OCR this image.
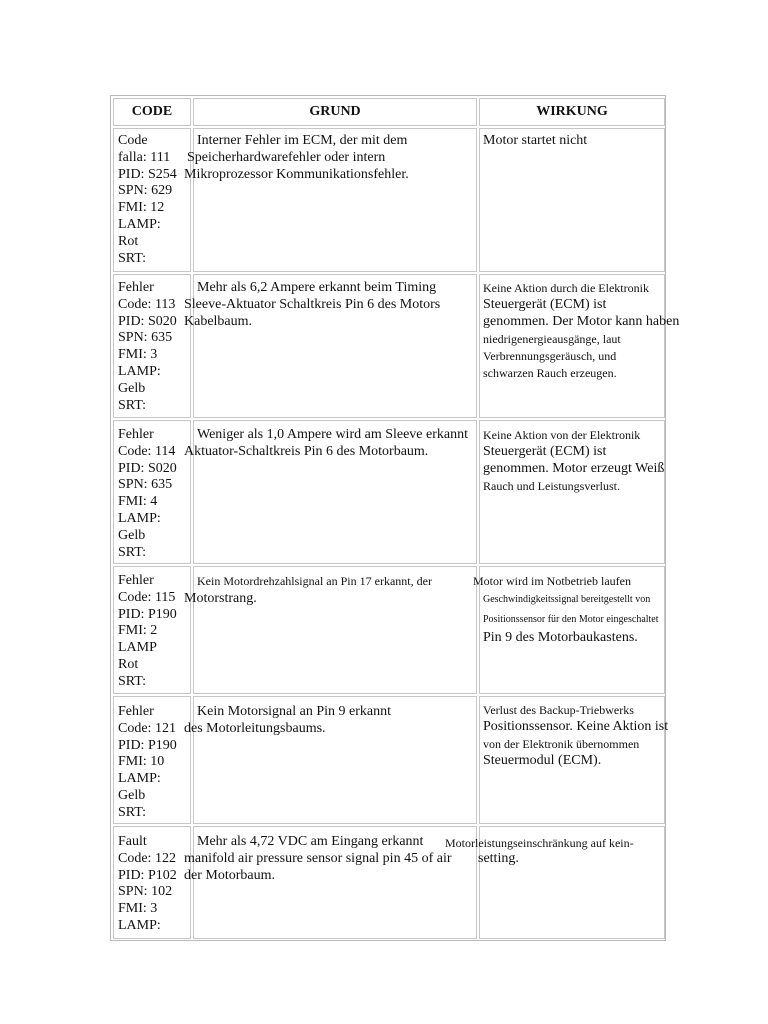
CODE	GRUND	WIRKUNG
Code
falla: 111
PID: S254
SPN: 629
FMI: 12
LAMP:
Rot
SRT:
Interner Fehler im ECM, der mit dem
Speicherhardwarefehler oder intern
Mikroprozessor Kommunikationsfehler.
Motor startet nicht
Fehler
Code: 113
PID: S020
SPN: 635
FMI: 3
LAMP:
Gelb
SRT:
Mehr als 6,2 Ampere erkannt beim Timing
Sleeve-Aktuator Schaltkreis Pin 6 des Motors
Kabelbaum.
Keine Aktion durch die Elektronik
Steuergerät (ECM) ist
genommen. Der Motor kann haben
niedrigenergieausgänge, laut
Verbrennungsgeräusch, und
schwarzen Rauch erzeugen.
Fehler
Code: 114
PID: S020
SPN: 635
FMI: 4
LAMP:
Gelb
SRT:
Weniger als 1,0 Ampere wird am Sleeve erkannt
Aktuator-Schaltkreis Pin 6 des Motorbaum.
Keine Aktion von der Elektronik
Steuergerät (ECM) ist
genommen. Motor erzeugt Weiß
Rauch und Leistungsverlust.
Fehler
Code: 115
PID: P190
FMI: 2
LAMP
Rot
SRT:
Kein Motordrehzahlsignal an Pin 17 erkannt, der
Motorstrang.
Motor wird im Notbetrieb laufen
Geschwindigkeitssignal bereitgestellt von
Positionssensor für den Motor eingeschaltet
Pin 9 des Motorbaukastens.
Fehler
Code: 121
PID: P190
FMI: 10
LAMP:
Gelb
SRT:
Kein Motorsignal an Pin 9 erkannt
des Motorleitungsbaums.
Verlust des Backup-Triebwerks
Positionssensor. Keine Aktion ist
von der Elektronik übernommen
Steuermodul (ECM).
Fault
Code: 122
PID: P102
SPN: 102
FMI: 3
LAMP:
Mehr als 4,72 VDC am Eingang erkannt
manifold air pressure sensor signal pin 45 of air
der Motorbaum.
Motorleistungseinschränkung auf kein-
setting.
